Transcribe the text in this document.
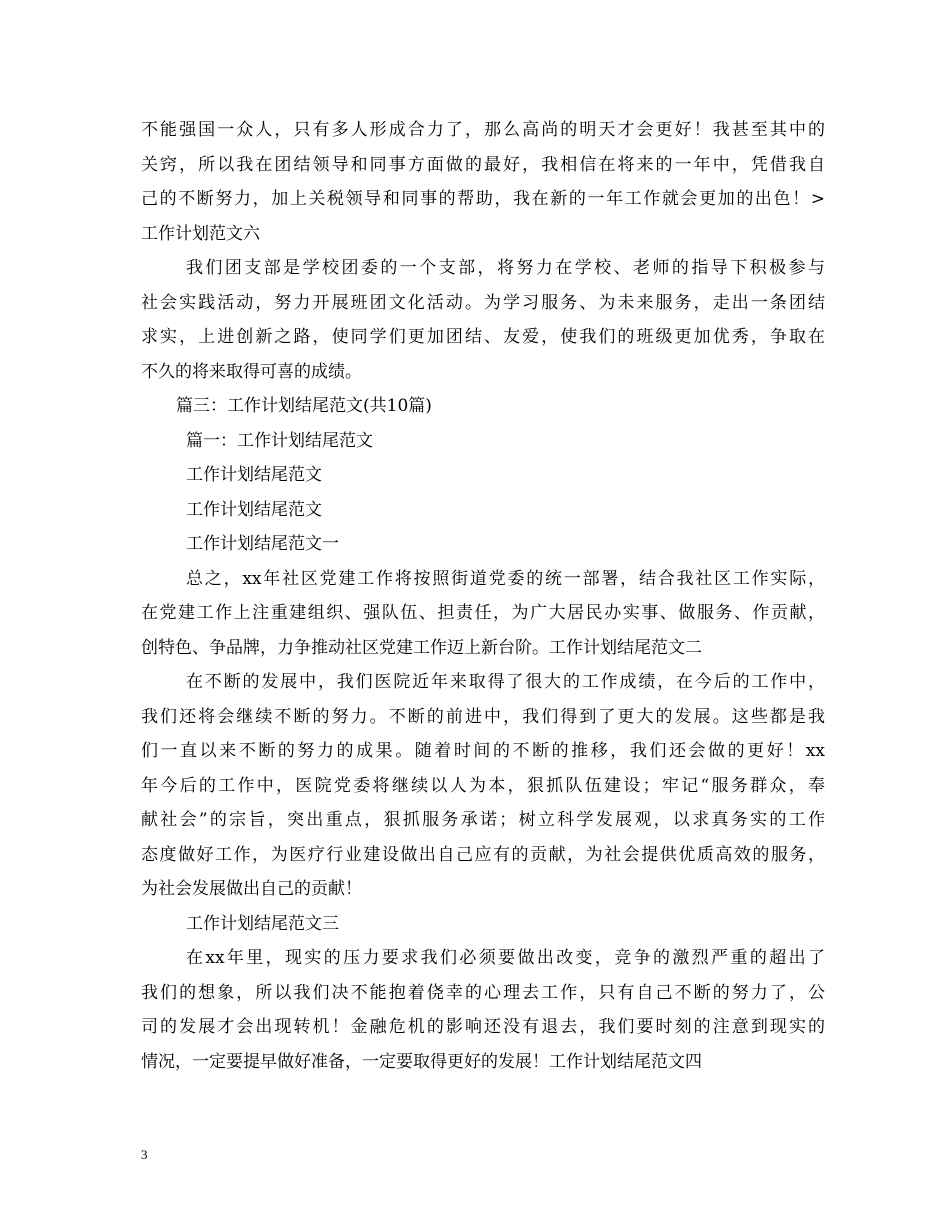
不能强国一众人，只有多人形成合力了，那么高尚的明天才会更好！我甚至其中的
关窍，所以我在团结领导和同事方面做的最好，我相信在将来的一年中，凭借我自
己的不断努力，加上关税领导和同事的帮助，我在新的一年工作就会更加的出色！>
工作计划范文六
我们团支部是学校团委的一个支部，将努力在学校、老师的指导下积极参与
社会实践活动，努力开展班团文化活动。为学习服务、为未来服务，走出一条团结
求实，上进创新之路，使同学们更加团结、友爱，使我们的班级更加优秀，争取在
不久的将来取得可喜的成绩。
篇三：工作计划结尾范文(共10篇)
篇一：工作计划结尾范文
工作计划结尾范文
工作计划结尾范文
工作计划结尾范文一
总之，xx年社区党建工作将按照街道党委的统一部署，结合我社区工作实际，
在党建工作上注重建组织、强队伍、担责任，为广大居民办实事、做服务、作贡献，
创特色、争品牌，力争推动社区党建工作迈上新台阶。工作计划结尾范文二
在不断的发展中，我们医院近年来取得了很大的工作成绩，在今后的工作中，
我们还将会继续不断的努力。不断的前进中，我们得到了更大的发展。这些都是我
们一直以来不断的努力的成果。随着时间的不断的推移，我们还会做的更好！xx
年今后的工作中，医院党委将继续以人为本，狠抓队伍建设；牢记“服务群众，奉
献社会”的宗旨，突出重点，狠抓服务承诺；树立科学发展观，以求真务实的工作
态度做好工作，为医疗行业建设做出自己应有的贡献，为社会提供优质高效的服务，
为社会发展做出自己的贡献！
工作计划结尾范文三
在xx年里，现实的压力要求我们必须要做出改变，竞争的激烈严重的超出了
我们的想象，所以我们决不能抱着侥幸的心理去工作，只有自己不断的努力了，公
司的发展才会出现转机！金融危机的影响还没有退去，我们要时刻的注意到现实的
情况，一定要提早做好准备，一定要取得更好的发展！工作计划结尾范文四
3
